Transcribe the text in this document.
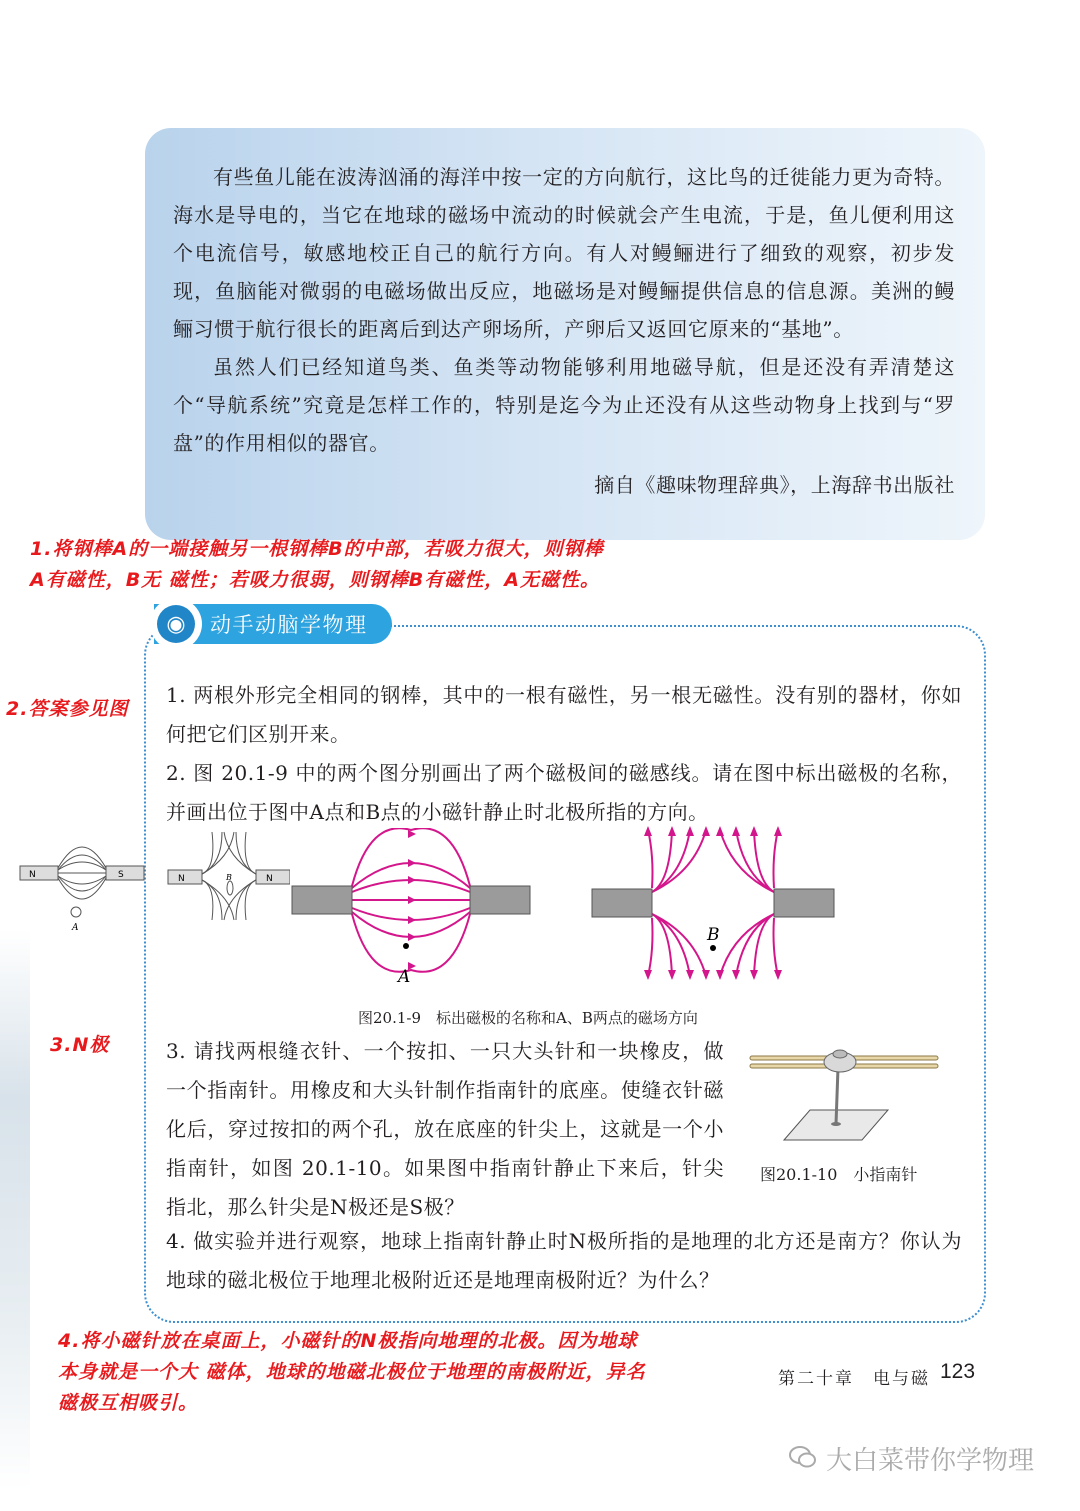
有些鱼儿能在波涛汹涌的海洋中按一定的方向航行，这比鸟的迁徙能力更为奇特。海水是导电的，当它在地球的磁场中流动的时候就会产生电流，于是，鱼儿便利用这个电流信号，敏感地校正自己的航行方向。有人对鳗鲡进行了细致的观察，初步发现，鱼脑能对微弱的电磁场做出反应，地磁场是对鳗鲡提供信息的信息源。美洲的鳗鲡习惯于航行很长的距离后到达产卵场所，产卵后又返回它原来的“基地”。

虽然人们已经知道鸟类、鱼类等动物能够利用地磁导航，但是还没有弄清楚这个“导航系统”究竟是怎样工作的，特别是迄今为止还没有从这些动物身上找到与“罗盘”的作用相似的器官。

摘自《趣味物理辞典》，上海辞书出版社

1.将钢棒A的一端接触另一根钢棒B的中部，若吸力很大，则钢棒
A有磁性，B无 磁性；若吸力很弱，则钢棒B有磁性，A无磁性。
◉	动手动脑学物理
2.答案参见图
1. 两根外形完全相同的钢棒，其中的一根有磁性，另一根无磁性。没有别的器材，你如何把它们区别开来。
2. 图 20.1-9 中的两个图分别画出了两个磁极间的磁感线。请在图中标出磁极的名称，并画出位于图中A点和B点的小磁针静止时北极所指的方向。
N	S
A
N	N
B
A
B
图20.1-9　标出磁极的名称和A、B两点的磁场方向
3.N极	3. 请找两根缝衣针、一个按扣、一只大头针和一块橡皮，做一个指南针。用橡皮和大头针制作指南针的底座。使缝衣针磁化后，穿过按扣的两个孔，放在底座的针尖上，这就是一个小指南针，如图 20.1-10。如果图中指南针静止下来后，针尖指北，那么针尖是N极还是S极？
图20.1-10　小指南针
4. 做实验并进行观察，地球上指南针静止时N极所指的是地理的北方还是南方？你认为地球的磁北极位于地理北极附近还是地理南极附近？为什么？
4.将小磁针放在桌面上，小磁针的N极指向地理的北极。因为地球
本身就是一个大 磁体，地球的地磁北极位于地理的南极附近，异名
磁极互相吸引。
第二十章　电与磁 123
大白菜带你学物理
